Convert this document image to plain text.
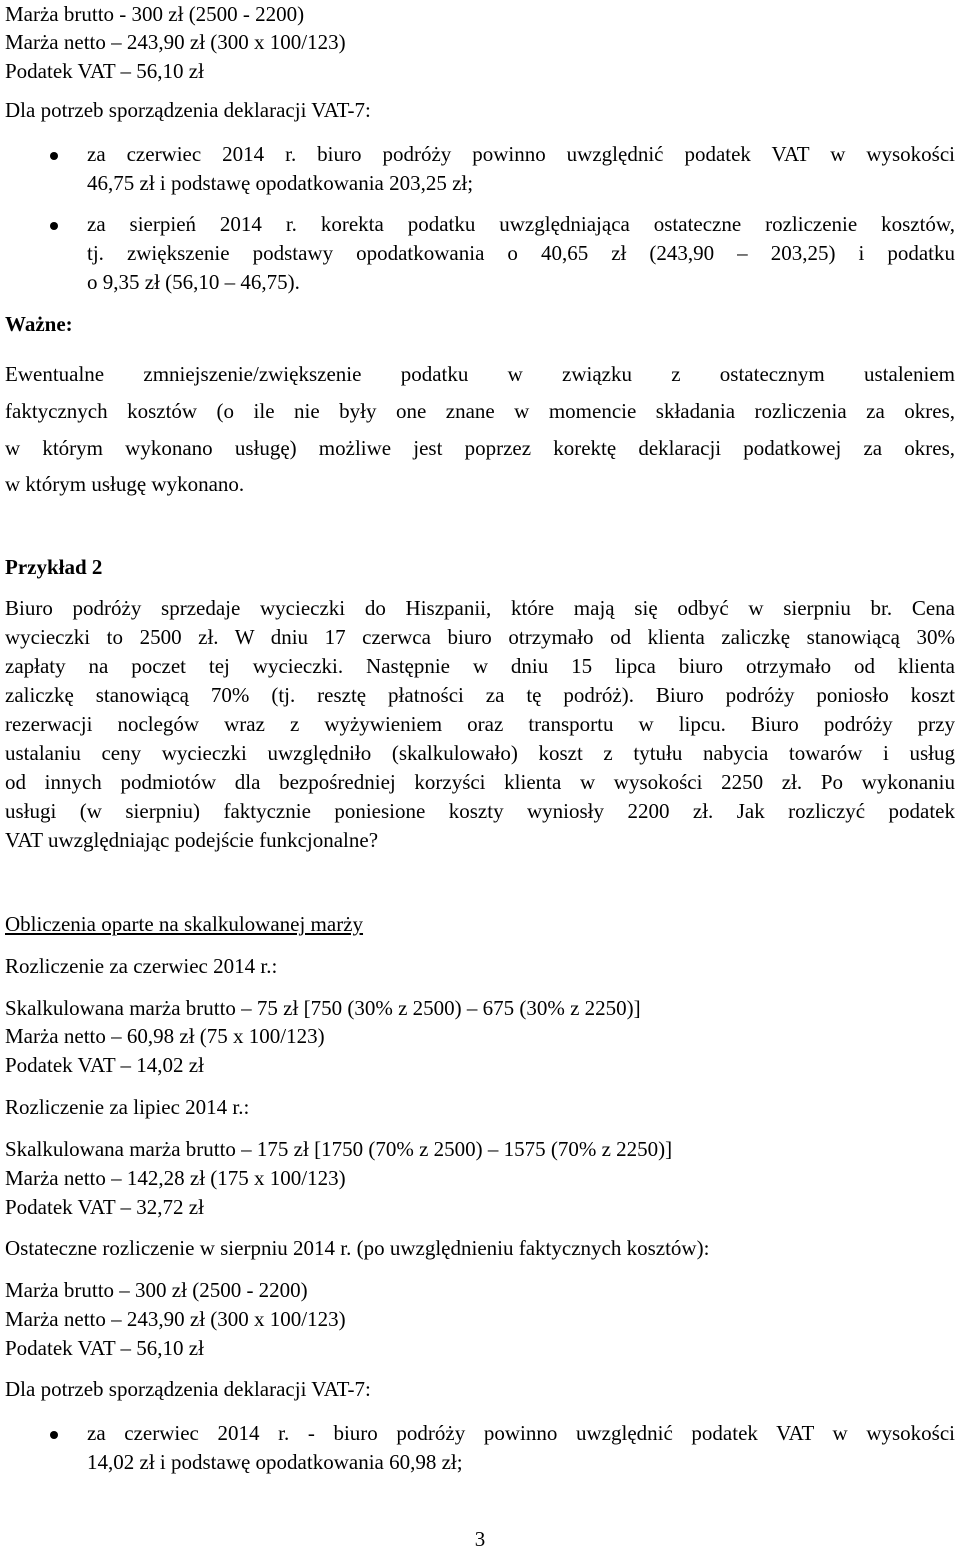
Marża brutto - 300 zł (2500 - 2200)
Marża netto – 243,90 zł (300 x 100/123)
Podatek VAT – 56,10 zł
Dla potrzeb sporządzenia deklaracji VAT-7:
za czerwiec 2014 r. biuro podróży powinno uwzględnić podatek VAT w wysokości
46,75 zł i podstawę opodatkowania 203,25 zł;
za sierpień 2014 r. korekta podatku uwzględniająca ostateczne rozliczenie kosztów,
tj. zwiększenie podstawy opodatkowania o 40,65 zł (243,90 – 203,25) i podatku
o 9,35 zł (56,10 – 46,75).
Ważne:
Ewentualne zmniejszenie/zwiększenie podatku w związku z ostatecznym ustaleniem
faktycznych kosztów (o ile nie były one znane w momencie składania rozliczenia za okres,
w którym wykonano usługę) możliwe jest poprzez korektę deklaracji podatkowej za okres,
w którym usługę wykonano.
Przykład 2
Biuro podróży sprzedaje wycieczki do Hiszpanii, które mają się odbyć w sierpniu br. Cena
wycieczki to 2500 zł. W dniu 17 czerwca biuro otrzymało od klienta zaliczkę stanowiącą 30%
zapłaty na poczet tej wycieczki. Następnie w dniu 15 lipca biuro otrzymało od klienta
zaliczkę stanowiącą 70% (tj. resztę płatności za tę podróż). Biuro podróży poniosło koszt
rezerwacji noclegów wraz z wyżywieniem oraz transportu w lipcu. Biuro podróży przy
ustalaniu ceny wycieczki uwzględniło (skalkulowało) koszt z tytułu nabycia towarów i usług
od innych podmiotów dla bezpośredniej korzyści klienta w wysokości 2250 zł. Po wykonaniu
usługi (w sierpniu) faktycznie poniesione koszty wyniosły 2200 zł. Jak rozliczyć podatek
VAT uwzględniając podejście funkcjonalne?
Obliczenia oparte na skalkulowanej marży
Rozliczenie za czerwiec 2014 r.:
Skalkulowana marża brutto – 75 zł [750 (30% z 2500) – 675 (30% z 2250)]
Marża netto – 60,98 zł (75 x 100/123)
Podatek VAT – 14,02 zł
Rozliczenie za lipiec 2014 r.:
Skalkulowana marża brutto – 175 zł [1750 (70% z 2500) – 1575 (70% z 2250)]
Marża netto – 142,28 zł (175 x 100/123)
Podatek VAT – 32,72 zł
Ostateczne rozliczenie w sierpniu 2014 r. (po uwzględnieniu faktycznych kosztów):
Marża brutto – 300 zł (2500 - 2200)
Marża netto – 243,90 zł (300 x 100/123)
Podatek VAT – 56,10 zł
Dla potrzeb sporządzenia deklaracji VAT-7:
za czerwiec 2014 r. - biuro podróży powinno uwzględnić podatek VAT w wysokości
14,02 zł i podstawę opodatkowania 60,98 zł;
3
